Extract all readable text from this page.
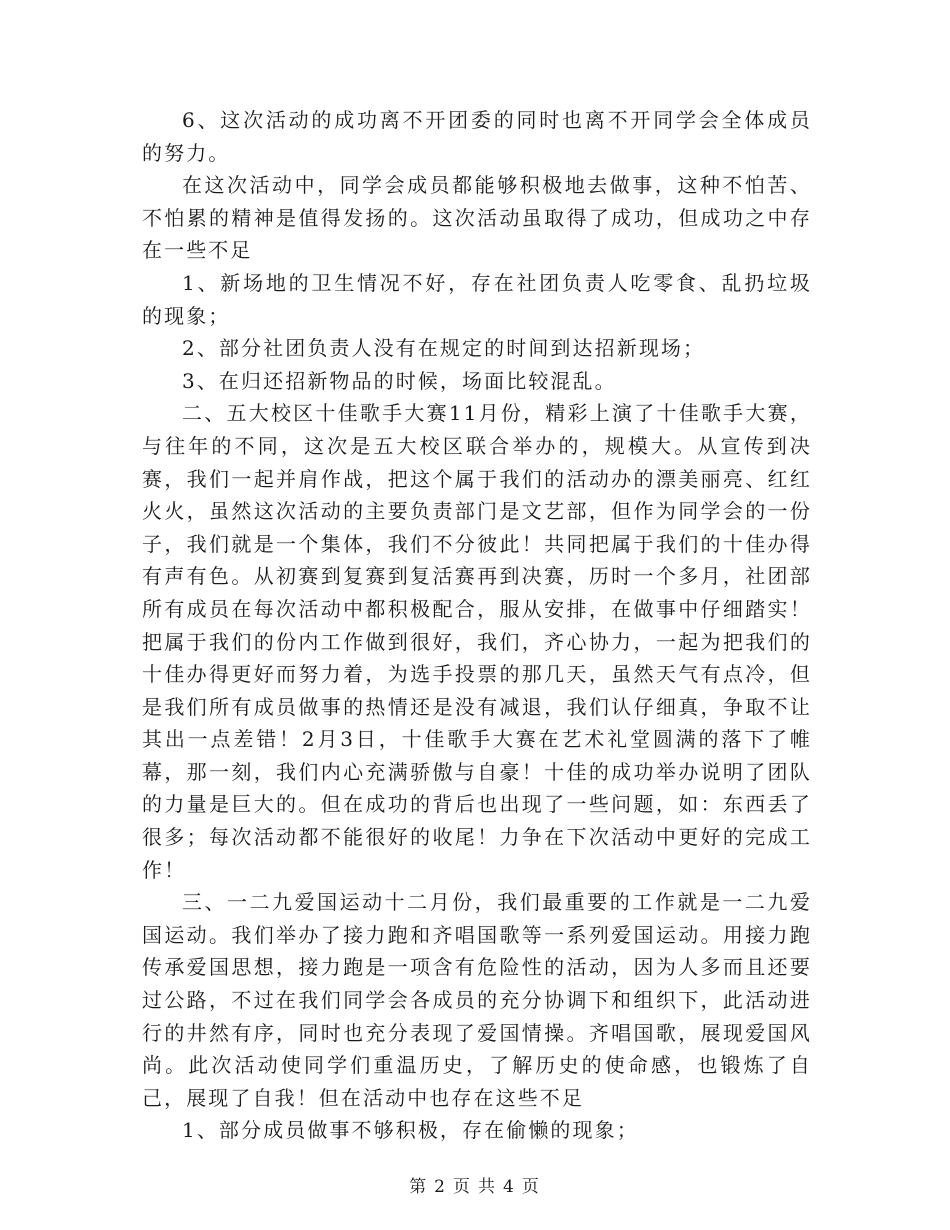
6、这次活动的成功离不开团委的同时也离不开同学会全体成员的努力。

在这次活动中，同学会成员都能够积极地去做事，这种不怕苦、不怕累的精神是值得发扬的。这次活动虽取得了成功，但成功之中存在一些不足

1、新场地的卫生情况不好，存在社团负责人吃零食、乱扔垃圾的现象；

2、部分社团负责人没有在规定的时间到达招新现场；

3、在归还招新物品的时候，场面比较混乱。

二、五大校区十佳歌手大赛11月份，精彩上演了十佳歌手大赛，与往年的不同，这次是五大校区联合举办的，规模大。从宣传到决赛，我们一起并肩作战，把这个属于我们的活动办的漂美丽亮、红红火火，虽然这次活动的主要负责部门是文艺部，但作为同学会的一份子，我们就是一个集体，我们不分彼此！共同把属于我们的十佳办得有声有色。从初赛到复赛到复活赛再到决赛，历时一个多月，社团部所有成员在每次活动中都积极配合，服从安排，在做事中仔细踏实！把属于我们的份内工作做到很好，我们，齐心协力，一起为把我们的十佳办得更好而努力着，为选手投票的那几天，虽然天气有点冷，但是我们所有成员做事的热情还是没有减退，我们认仔细真，争取不让其出一点差错！2月3日，十佳歌手大赛在艺术礼堂圆满的落下了帷幕，那一刻，我们内心充满骄傲与自豪！十佳的成功举办说明了团队的力量是巨大的。但在成功的背后也出现了一些问题，如：东西丢了很多；每次活动都不能很好的收尾！力争在下次活动中更好的完成工作！

三、一二九爱国运动十二月份，我们最重要的工作就是一二九爱国运动。我们举办了接力跑和齐唱国歌等一系列爱国运动。用接力跑传承爱国思想，接力跑是一项含有危险性的活动，因为人多而且还要过公路，不过在我们同学会各成员的充分协调下和组织下，此活动进行的井然有序，同时也充分表现了爱国情操。齐唱国歌，展现爱国风尚。此次活动使同学们重温历史，了解历史的使命感，也锻炼了自己，展现了自我！但在活动中也存在这些不足

1、部分成员做事不够积极，存在偷懒的现象；

第 2 页 共 4 页
